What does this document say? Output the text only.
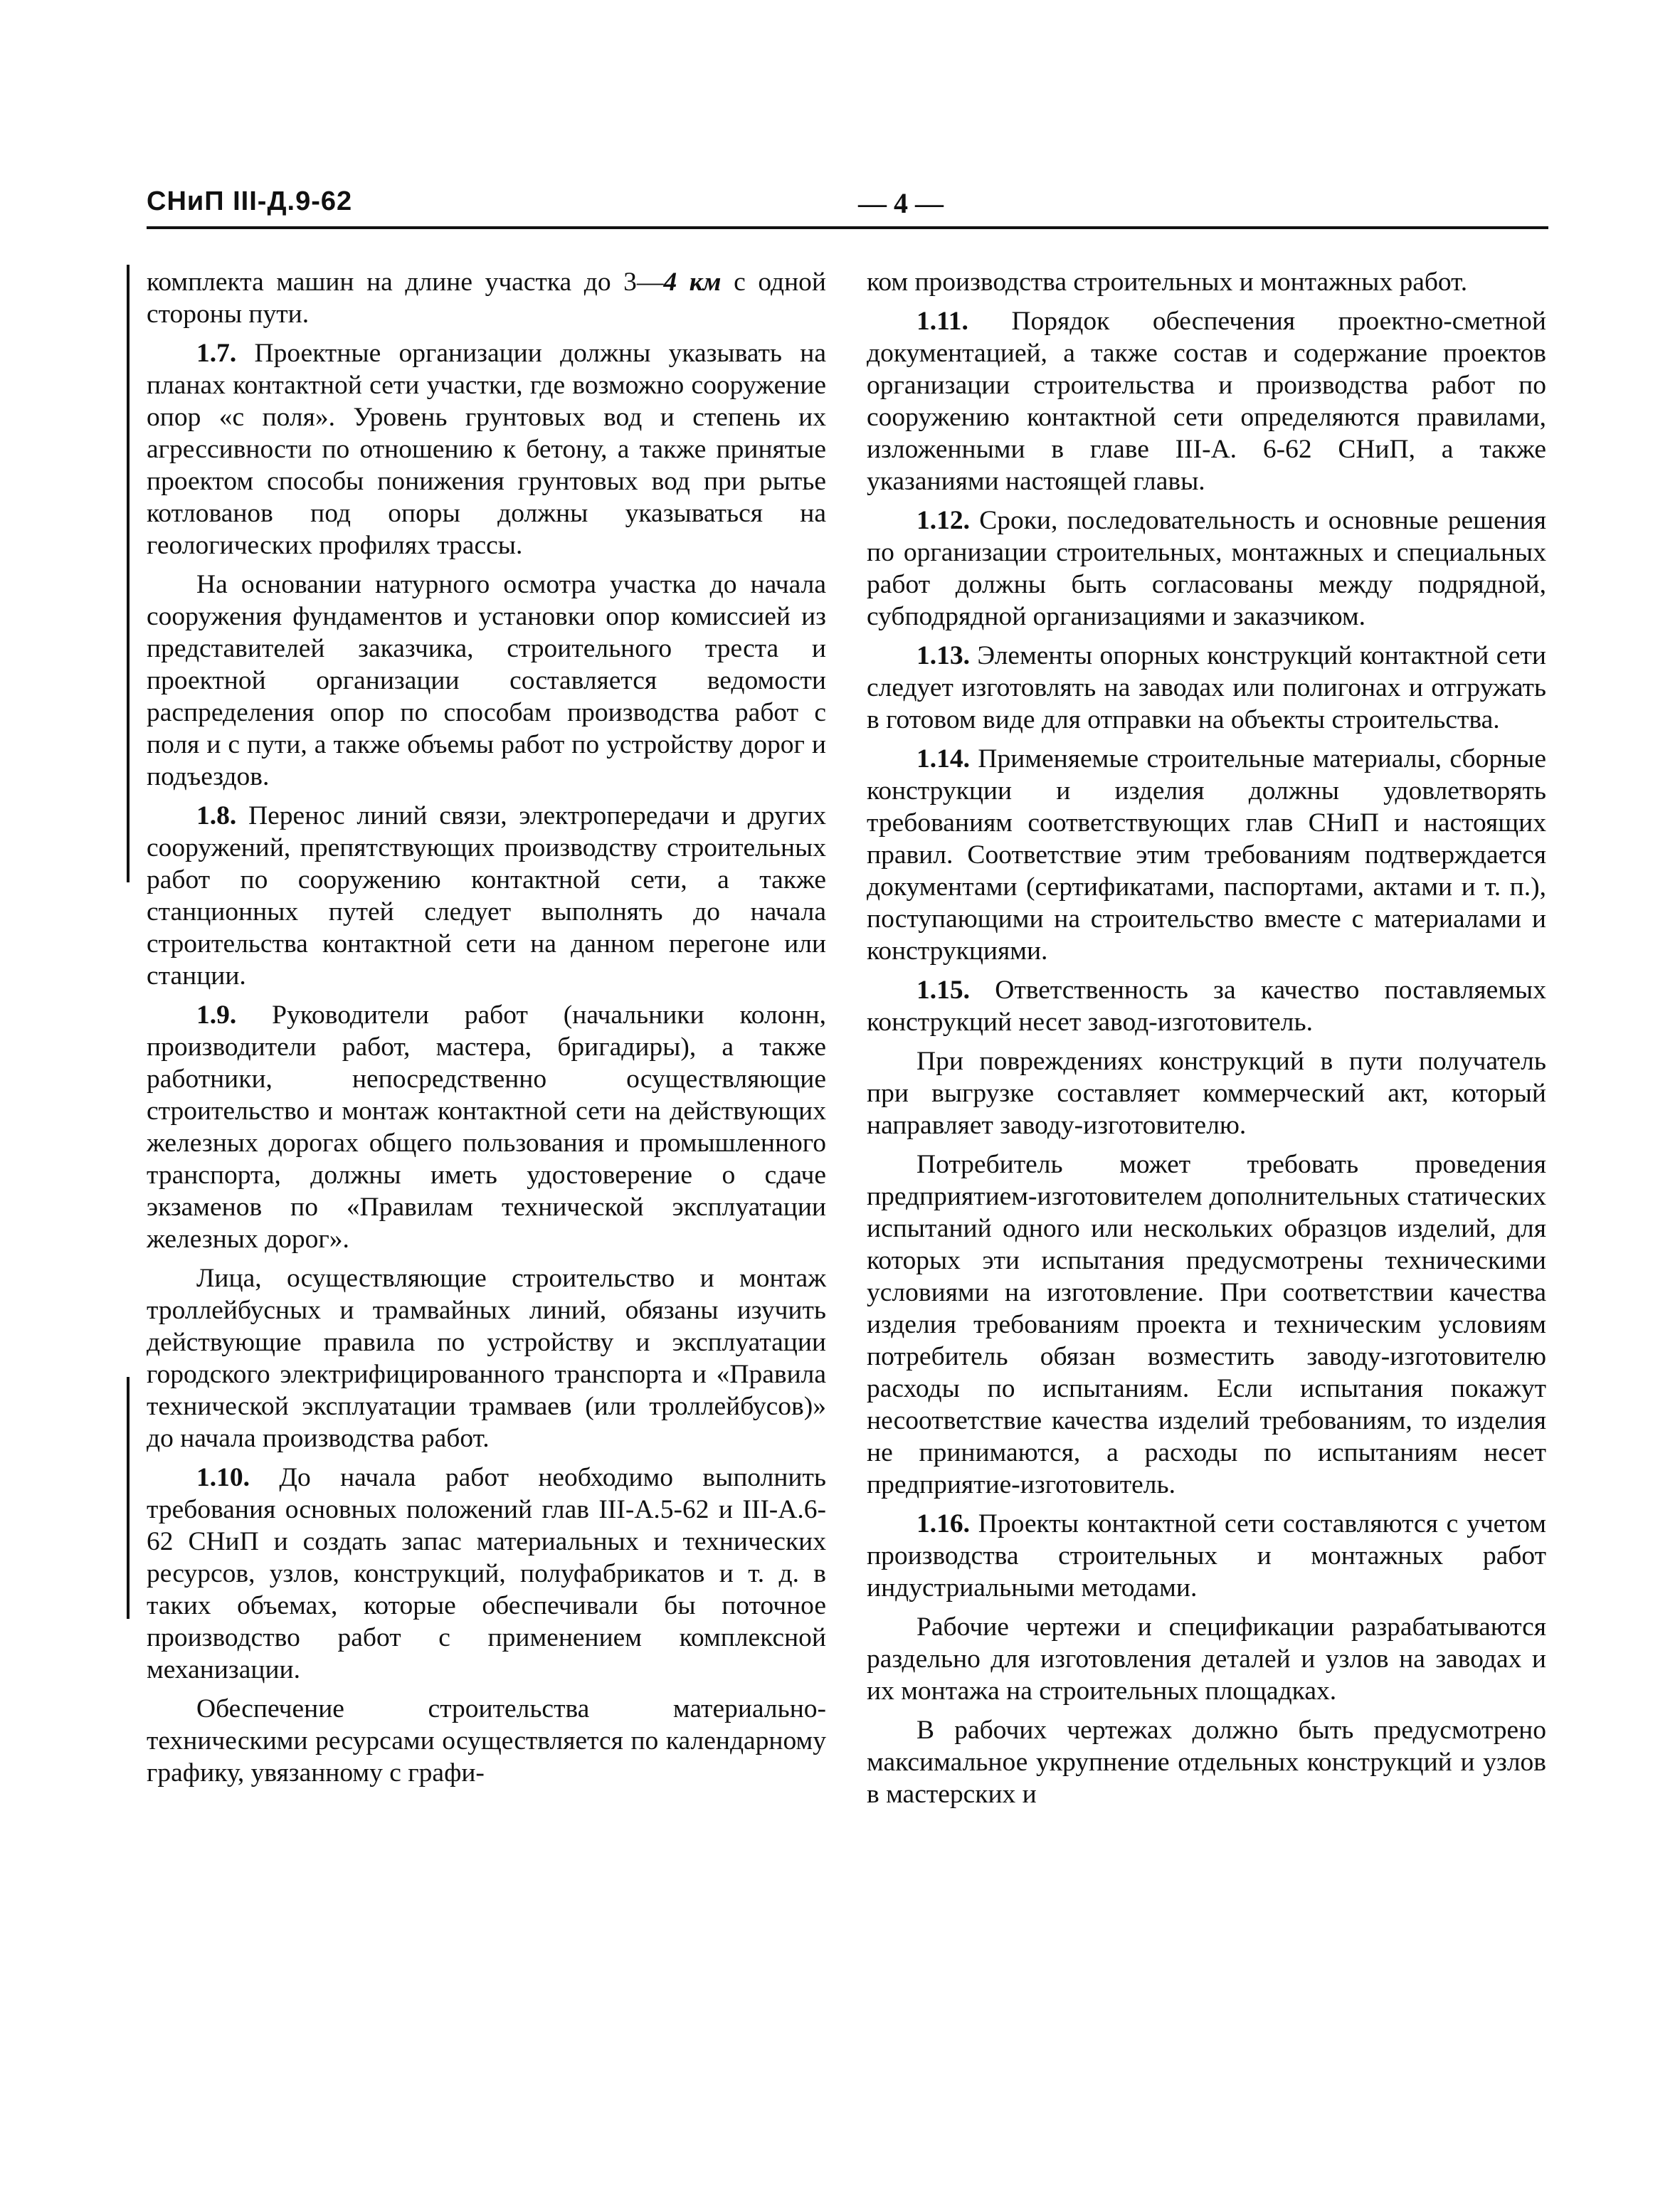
СНиП III-Д.9-62	— 4 —

комплекта машин на длине участка до 3—4 км с одной стороны пути.

1.7. Проектные организации должны указывать на планах контактной сети участки, где возможно сооружение опор «с поля». Уровень грунтовых вод и степень их агрессивности по отношению к бетону, а также принятые проектом способы понижения грунтовых вод при рытье котлованов под опоры должны указываться на геологических профилях трассы.

На основании натурного осмотра участка до начала сооружения фундаментов и установки опор комиссией из представителей заказчика, строительного треста и проектной организации составляется ведомости распределения опор по способам производства работ с поля и с пути, а также объемы работ по устройству дорог и подъездов.

1.8. Перенос линий связи, электропередачи и других сооружений, препятствующих производству строительных работ по сооружению контактной сети, а также станционных путей следует выполнять до начала строительства контактной сети на данном перегоне или станции.

1.9. Руководители работ (начальники колонн, производители работ, мастера, бригадиры), а также работники, непосредственно осуществляющие строительство и монтаж контактной сети на действующих железных дорогах общего пользования и промышленного транспорта, должны иметь удостоверение о сдаче экзаменов по «Правилам технической эксплуатации железных дорог».

Лица, осуществляющие строительство и монтаж троллейбусных и трамвайных линий, обязаны изучить действующие правила по устройству и эксплуатации городского электрифицированного транспорта и «Правила технической эксплуатации трамваев (или троллейбусов)» до начала производства работ.

1.10. До начала работ необходимо выполнить требования основных положений глав III-А.5-62 и III-А.6-62 СНиП и создать запас материальных и технических ресурсов, узлов, конструкций, полуфабрикатов и т. д. в таких объемах, которые обеспечивали бы поточное производство работ с применением комплексной механизации.

Обеспечение строительства материально-техническими ресурсами осуществляется по календарному графику, увязанному с графи-

ком производства строительных и монтажных работ.

1.11. Порядок обеспечения проектно-сметной документацией, а также состав и содержание проектов организации строительства и производства работ по сооружению контактной сети определяются правилами, изложенными в главе III-А. 6-62 СНиП, а также указаниями настоящей главы.

1.12. Сроки, последовательность и основные решения по организации строительных, монтажных и специальных работ должны быть согласованы между подрядной, субподрядной организациями и заказчиком.

1.13. Элементы опорных конструкций контактной сети следует изготовлять на заводах или полигонах и отгружать в готовом виде для отправки на объекты строительства.

1.14. Применяемые строительные материалы, сборные конструкции и изделия должны удовлетворять требованиям соответствующих глав СНиП и настоящих правил. Соответствие этим требованиям подтверждается документами (сертификатами, паспортами, актами и т. п.), поступающими на строительство вместе с материалами и конструкциями.

1.15. Ответственность за качество поставляемых конструкций несет завод-изготовитель.

При повреждениях конструкций в пути получатель при выгрузке составляет коммерческий акт, который направляет заводу-изготовителю.

Потребитель может требовать проведения предприятием-изготовителем дополнительных статических испытаний одного или нескольких образцов изделий, для которых эти испытания предусмотрены техническими условиями на изготовление. При соответствии качества изделия требованиям проекта и техническим условиям потребитель обязан возместить заводу-изготовителю расходы по испытаниям. Если испытания покажут несоответствие качества изделий требованиям, то изделия не принимаются, а расходы по испытаниям несет предприятие-изготовитель.

1.16. Проекты контактной сети составляются с учетом производства строительных и монтажных работ индустриальными методами.

Рабочие чертежи и спецификации разрабатываются раздельно для изготовления деталей и узлов на заводах и их монтажа на строительных площадках.

В рабочих чертежах должно быть предусмотрено максимальное укрупнение отдельных конструкций и узлов в мастерских и
